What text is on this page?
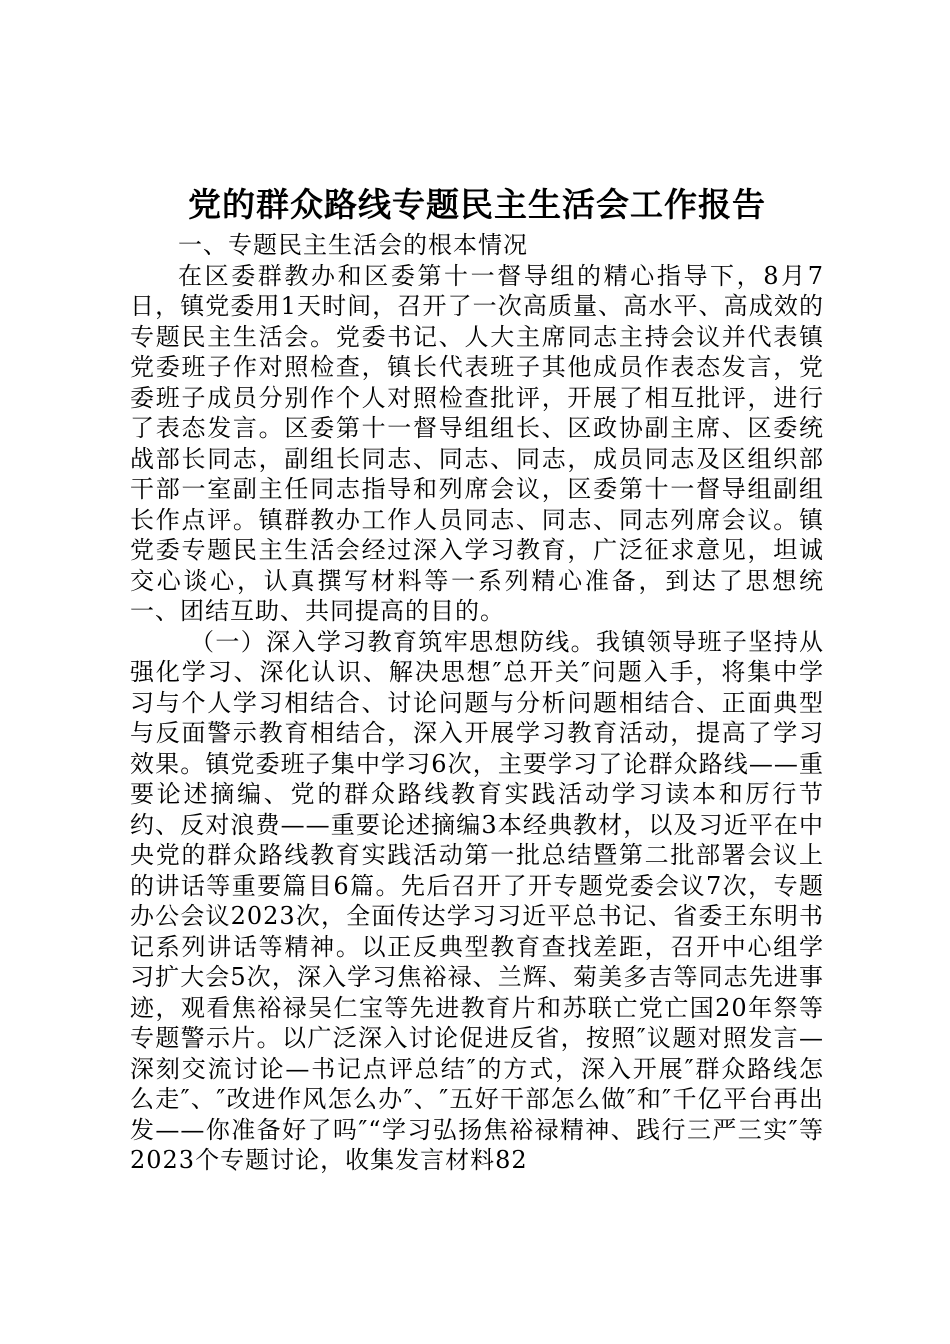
党的群众路线专题民主生活会工作报告

一、专题民主生活会的根本情况

在区委群教办和区委第十一督导组的精心指导下，8月7日，镇党委用1天时间，召开了一次高质量、高水平、高成效的专题民主生活会。党委书记、人大主席同志主持会议并代表镇党委班子作对照检查，镇长代表班子其他成员作表态发言，党委班子成员分别作个人对照检查批评，开展了相互批评，进行了表态发言。区委第十一督导组组长、区政协副主席、区委统战部长同志，副组长同志、同志、同志，成员同志及区组织部干部一室副主任同志指导和列席会议，区委第十一督导组副组长作点评。镇群教办工作人员同志、同志、同志列席会议。镇党委专题民主生活会经过深入学习教育，广泛征求意见，坦诚交心谈心，认真撰写材料等一系列精心准备，到达了思想统一、团结互助、共同提高的目的。

（一）深入学习教育筑牢思想防线。我镇领导班子坚持从强化学习、深化认识、解决思想″总开关″问题入手，将集中学习与个人学习相结合、讨论问题与分析问题相结合、正面典型与反面警示教育相结合，深入开展学习教育活动，提高了学习效果。镇党委班子集中学习6次，主要学习了论群众路线——重要论述摘编、党的群众路线教育实践活动学习读本和厉行节约、反对浪费——重要论述摘编3本经典教材，以及习近平在中央党的群众路线教育实践活动第一批总结暨第二批部署会议上的讲话等重要篇目6篇。先后召开了开专题党委会议7次，专题办公会议2023次，全面传达学习习近平总书记、省委王东明书记系列讲话等精神。以正反典型教育查找差距，召开中心组学习扩大会5次，深入学习焦裕禄、兰辉、菊美多吉等同志先进事迹，观看焦裕禄吴仁宝等先进教育片和苏联亡党亡国20年祭等专题警示片。以广泛深入讨论促进反省，按照″议题对照发言—深刻交流讨论—书记点评总结″的方式，深入开展″群众路线怎么走″、″改进作风怎么办″、″五好干部怎么做″和″千亿平台再出发——你准备好了吗″“学习弘扬焦裕禄精神、践行三严三实″等2023个专题讨论，收集发言材料82
